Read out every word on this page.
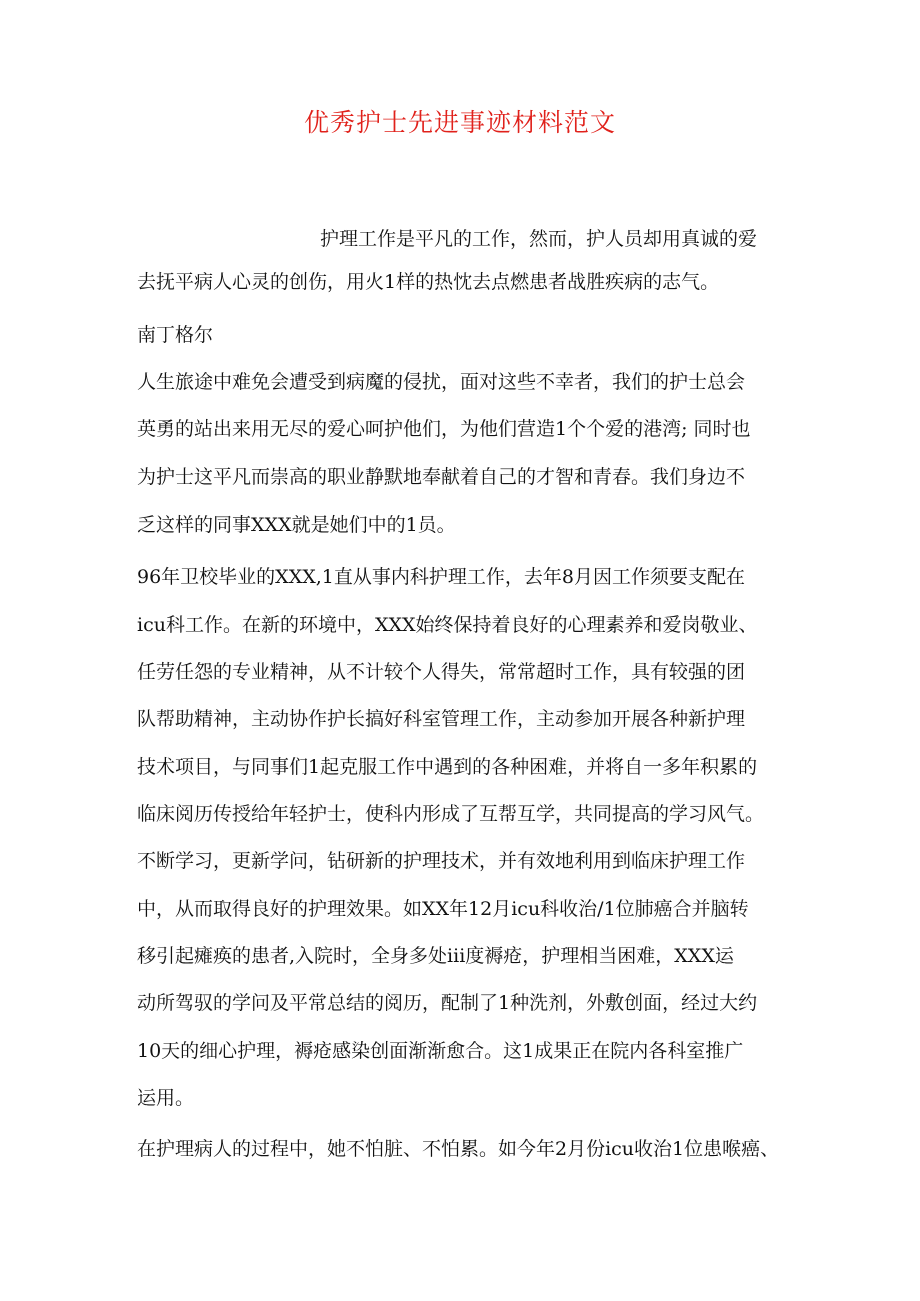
优秀护士先进事迹材料范文
护理工作是平凡的工作，然而，护人员却用真诚的爱
去抚平病人心灵的创伤，用火1样的热忱去点燃患者战胜疾病的志气。
南丁格尔
人生旅途中难免会遭受到病魔的侵扰，面对这些不幸者，我们的护士总会
英勇的站出来用无尽的爱心呵护他们，为他们营造1个个爱的港湾; 同时也
为护士这平凡而崇高的职业静默地奉献着自己的才智和青春。我们身边不
乏这样的同事XXX就是她们中的1员。
96年卫校毕业的XXX,1直从事内科护理工作，去年8月因工作须要支配在
icu科工作。在新的环境中，XXX始终保持着良好的心理素养和爱岗敬业、
任劳任怨的专业精神，从不计较个人得失，常常超时工作，具有较强的团
队帮助精神，主动协作护长搞好科室管理工作，主动参加开展各种新护理
技术项目，与同事们1起克服工作中遇到的各种困难，并将自一多年积累的
临床阅历传授给年轻护士，使科内形成了互帮互学，共同提高的学习风气。
不断学习，更新学问，钻研新的护理技术，并有效地利用到临床护理工作
中，从而取得良好的护理效果。如XX年12月icu科收治/1位肺癌合并脑转
移引起瘫痪的患者,入院时，全身多处iii度褥疮，护理相当困难，XXX运
动所驾驭的学问及平常总结的阅历，配制了1种洗剂，外敷创面，经过大约
10天的细心护理，褥疮感染创面渐渐愈合。这1成果正在院内各科室推广
运用。
在护理病人的过程中，她不怕脏、不怕累。如今年2月份icu收治1位患喉癌、
